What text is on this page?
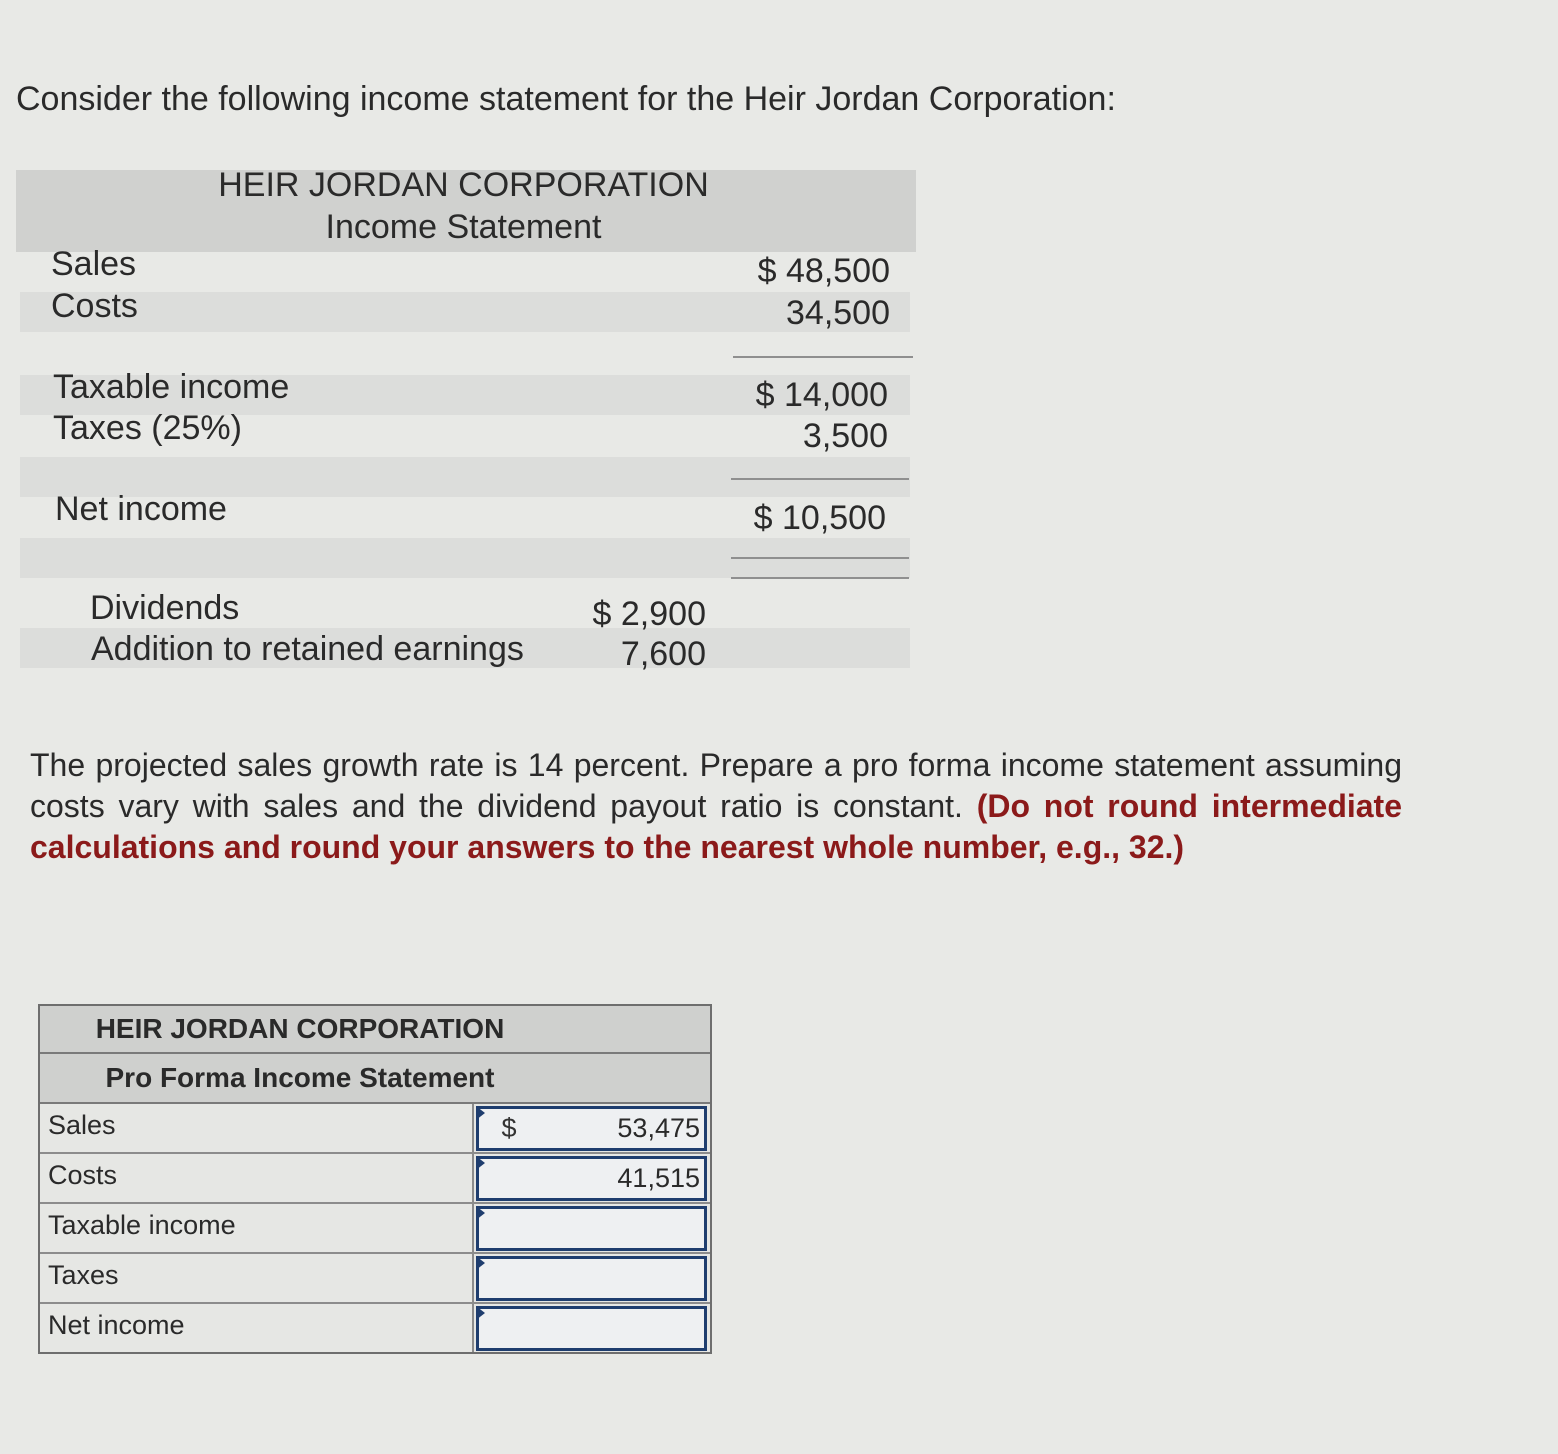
Consider the following income statement for the Heir Jordan Corporation:
HEIR JORDAN CORPORATION
Income Statement
Sales	$ 48,500
Costs	34,500
Taxable income	$ 14,000
Taxes (25%)	3,500
Net income	$ 10,500
Dividends	$ 2,900
Addition to retained earnings	7,600
The projected sales growth rate is 14 percent. Prepare a pro forma income statement assuming costs vary with sales and the dividend payout ratio is constant. (Do not round intermediate calculations and round your answers to the nearest whole number, e.g., 32.)
HEIR JORDAN CORPORATION
Pro Forma Income Statement
Sales	$	53,475
Costs	41,515
Taxable income
Taxes
Net income
